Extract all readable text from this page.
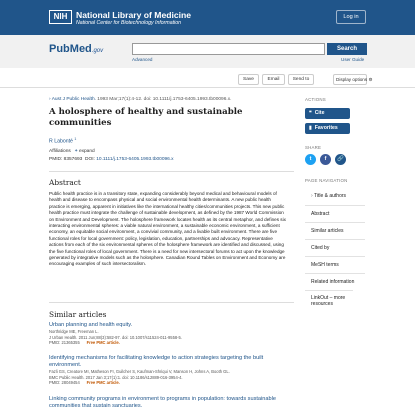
NIH	National Library of Medicine
National Center for Biotechnology Information
Log in
PubMed.gov	Search
Advanced	User Guide
Save	Email	Send to	Display options ⚙
› Aust J Public Health. 1993 Mar;17(1):4-12. doi: 10.1111/j.1753-6405.1993.tb00096.x.
A holosphere of healthy and sustainable communities
R Labonté $^1$
Affiliations + expand
PMID: 8357693 DOI: 10.1111/j.1753-6405.1993.tb00096.x
Abstract
Public health practice is in a transitory state, expanding considerably beyond medical and behavioural models of health and disease to encompass physical and social environmental health determinants. A new public health practice is emerging, apparent in initiatives like the international healthy cities/communities projects. This new public health practice must integrate the challenge of sustainable development, as defined by the 1987 World Commission on Environment and Development. The holosphere framework locates health as its central metaphor, and defines six interacting environmental spheres: a viable natural environment, a sustainable economic environment, a sufficient economy, an equitable social environment, a convivial community, and a livable built environment. There are five functional roles for local government: policy, legislation, education, partnerships and advocacy. Representative actions from each of the six environmental spheres of the holosphere framework are identified and discussed, using the five functional roles of local government. There is a need for new intersectoral forums to act upon the knowledge generated by integrative models such as the holosphere. Canadian Round Tables on Environment and Economy are encouraging examples of such intersectoralism.
Similar articles
Urban planning and health equity.
Northridge ME, Freeman L.
J Urban Health. 2011 Jun;88(3):582-97. doi: 10.1007/s11524-011-9558-5.
PMID: 21365355 Free PMC article.
Identifying mechanisms for facilitating knowledge to action strategies targeting the built environment.
Fazli GS, Creatore MI, Matheson FI, Guilcher S, Kaufman-Shriqui V, Manson H, Johns A, Booth GL.
BMC Public Health. 2017 Jan 3;17(1):1. doi: 10.1186/s12889-016-3954-4.
PMID: 28049454 Free PMC article.
Linking community programs in environment to programs in population: towards sustainable communities that sustain sanctuaries.
ACTIONS
❝ Cite
▮ Favorites
SHARE
t	f	🔗
PAGE NAVIGATION
› Title & authors
Abstract
Similar articles
Cited by
MeSH terms
Related information
LinkOut – more resources
